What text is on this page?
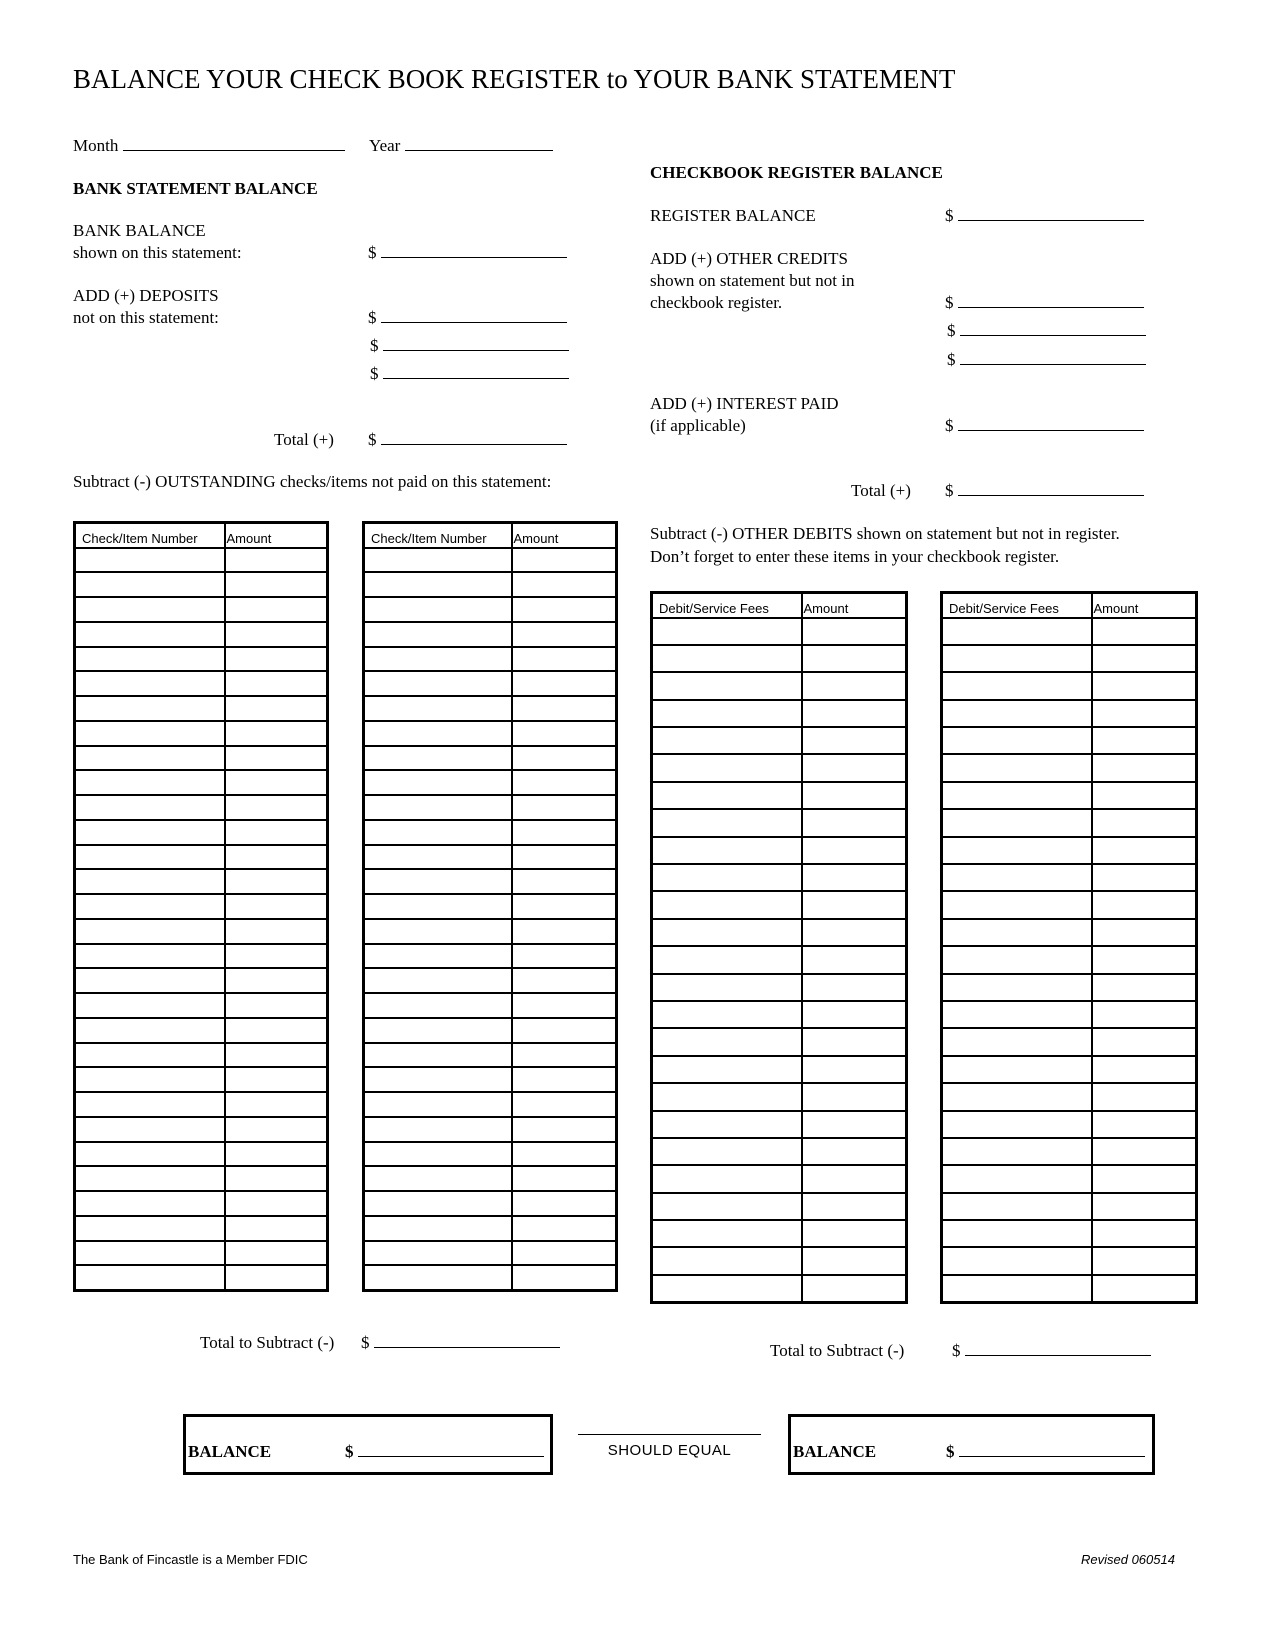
BALANCE YOUR CHECK BOOK REGISTER to YOUR BANK STATEMENT
Month	Year
BANK STATEMENT BALANCE
BANK BALANCE
shown on this statement:	$
ADD (+) DEPOSITS
not on this statement:	$
$
$
Total (+) $
Subtract (-) OUTSTANDING checks/items not paid on this statement:
Check/Item Number	Amount

		Check/Item Number	Amount

Total to Subtract (-) $
CHECKBOOK REGISTER BALANCE
REGISTER BALANCE	$
ADD (+) OTHER CREDITS
shown on statement but not in
checkbook register.	$
$
$
ADD (+) INTEREST PAID
(if applicable)	$
Total (+) $
Subtract (-) OTHER DEBITS shown on statement but not in register.
Don’t forget to enter these items in your checkbook register.
Debit/Service Fees	Amount

		Debit/Service Fees	Amount

Total to Subtract (-)	$
BALANCE	$	SHOULD EQUAL	BALANCE	$
The Bank of Fincastle is a Member FDIC	Revised 060514
